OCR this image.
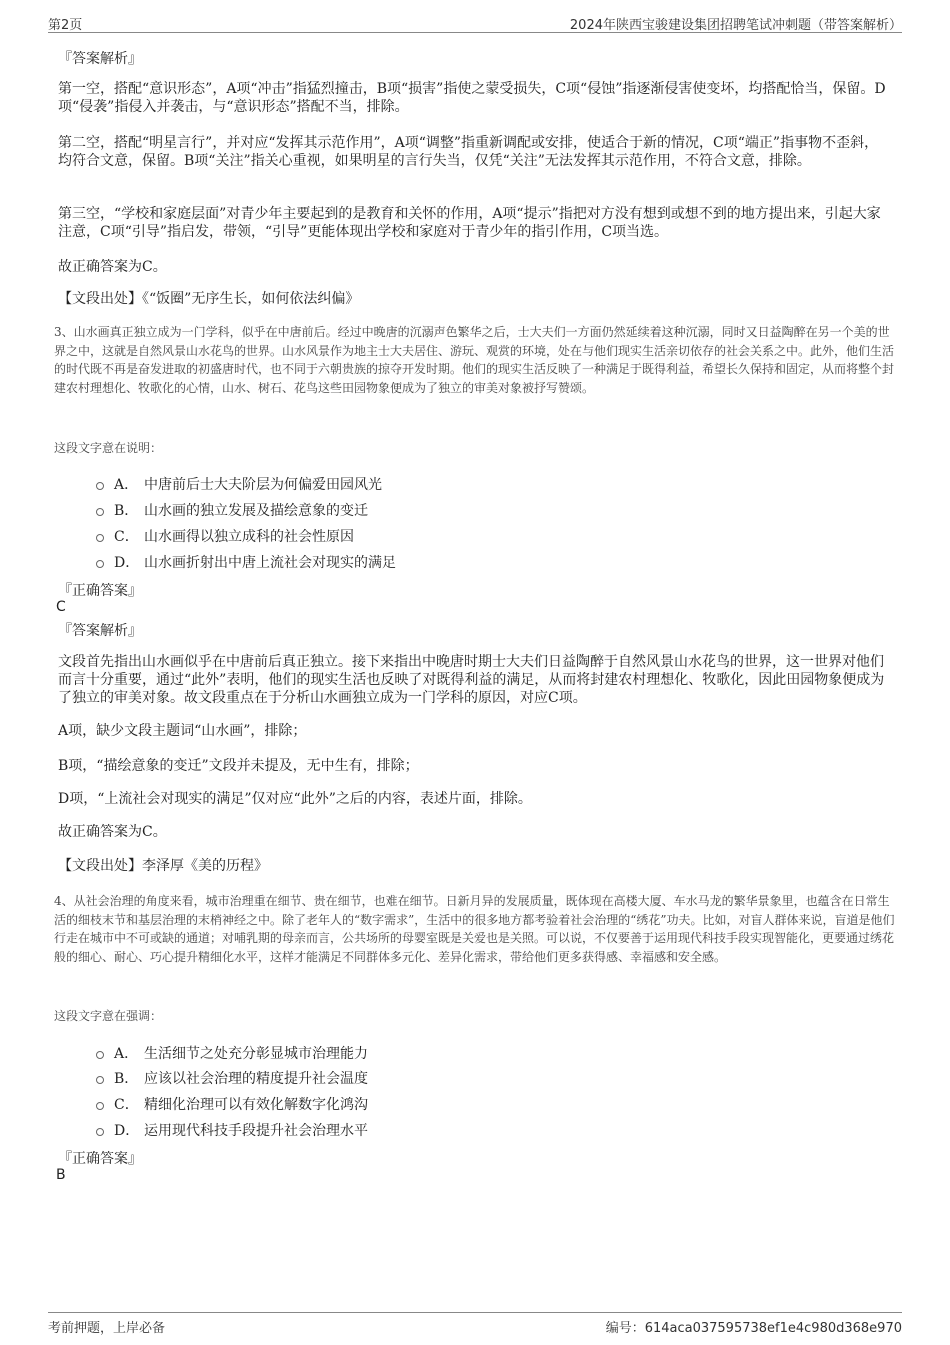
第2页	2024年陕西宝骏建设集团招聘笔试冲刺题（带答案解析）
『答案解析』

第一空，搭配“意识形态”，A项“冲击”指猛烈撞击，B项“损害”指使之蒙受损失，C项“侵蚀”指逐渐侵害使变坏，均搭配恰当，保留。D项“侵袭”指侵入并袭击，与“意识形态”搭配不当，排除。

第二空，搭配“明星言行”，并对应“发挥其示范作用”，A项“调整”指重新调配或安排，使适合于新的情况，C项“端正”指事物不歪斜，均符合文意，保留。B项“关注”指关心重视，如果明星的言行失当，仅凭“关注”无法发挥其示范作用，不符合文意，排除。

第三空，“学校和家庭层面”对青少年主要起到的是教育和关怀的作用，A项“提示”指把对方没有想到或想不到的地方提出来，引起大家注意，C项“引导”指启发，带领，“引导”更能体现出学校和家庭对于青少年的指引作用，C项当选。

故正确答案为C。

【文段出处】《“饭圈”无序生长，如何依法纠偏》

3、山水画真正独立成为一门学科，似乎在中唐前后。经过中晚唐的沉溺声色繁华之后，士大夫们一方面仍然延续着这种沉溺，同时又日益陶醉在另一个美的世界之中，这就是自然风景山水花鸟的世界。山水风景作为地主士大夫居住、游玩、观赏的环境，处在与他们现实生活亲切依存的社会关系之中。此外，他们生活的时代既不再是奋发进取的初盛唐时代，也不同于六朝贵族的掠夺开发时期。他们的现实生活反映了一种满足于既得利益，希望长久保持和固定，从而将整个封建农村理想化、牧歌化的心情，山水、树石、花鸟这些田园物象便成为了独立的审美对象被抒写赞颂。

这段文字意在说明：

A． 中唐前后士大夫阶层为何偏爱田园风光
B． 山水画的独立发展及描绘意象的变迁
C． 山水画得以独立成科的社会性原因
D． 山水画折射出中唐上流社会对现实的满足
『正确答案』
C
『答案解析』

文段首先指出山水画似乎在中唐前后真正独立。接下来指出中晚唐时期士大夫们日益陶醉于自然风景山水花鸟的世界，这一世界对他们而言十分重要，通过“此外”表明，他们的现实生活也反映了对既得利益的满足，从而将封建农村理想化、牧歌化，因此田园物象便成为了独立的审美对象。故文段重点在于分析山水画独立成为一门学科的原因，对应C项。

A项，缺少文段主题词“山水画”，排除；

B项，“描绘意象的变迁”文段并未提及，无中生有，排除；

D项，“上流社会对现实的满足”仅对应“此外”之后的内容，表述片面，排除。

故正确答案为C。

【文段出处】李泽厚《美的历程》

4、从社会治理的角度来看，城市治理重在细节、贵在细节，也难在细节。日新月异的发展质量，既体现在高楼大厦、车水马龙的繁华景象里，也蕴含在日常生活的细枝末节和基层治理的末梢神经之中。除了老年人的“数字需求”，生活中的很多地方都考验着社会治理的“绣花”功夫。比如，对盲人群体来说，盲道是他们行走在城市中不可或缺的通道；对哺乳期的母亲而言，公共场所的母婴室既是关爱也是关照。可以说，不仅要善于运用现代科技手段实现智能化，更要通过绣花般的细心、耐心、巧心提升精细化水平，这样才能满足不同群体多元化、差异化需求，带给他们更多获得感、幸福感和安全感。

这段文字意在强调：

A． 生活细节之处充分彰显城市治理能力
B． 应该以社会治理的精度提升社会温度
C． 精细化治理可以有效化解数字化鸿沟
D． 运用现代科技手段提升社会治理水平
『正确答案』
B
考前押题，上岸必备	编号：614aca037595738ef1e4c980d368e970
